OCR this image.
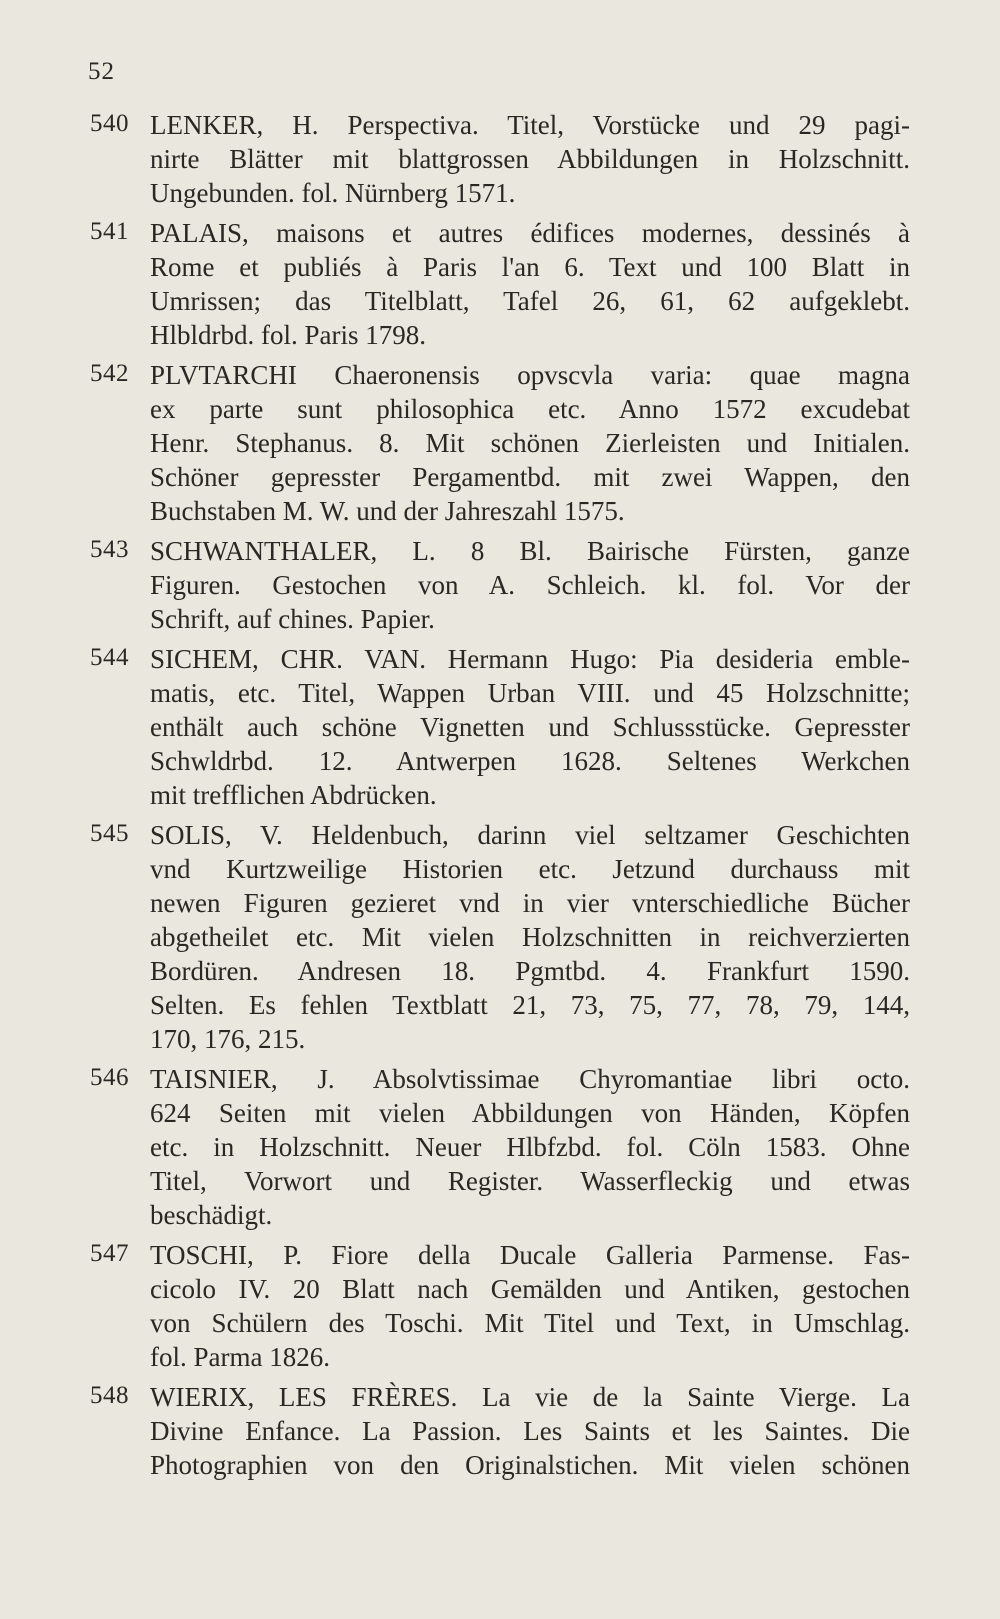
52
540 LENKER, H. Perspectiva. Titel, Vorstücke und 29 pagi-
nirte Blätter mit blattgrossen Abbildungen in Holzschnitt.
Ungebunden. fol. Nürnberg 1571.
541 PALAIS, maisons et autres édifices modernes, dessinés à
Rome et publiés à Paris l'an 6. Text und 100 Blatt in
Umrissen; das Titelblatt, Tafel 26, 61, 62 aufgeklebt.
Hlbldrbd. fol. Paris 1798.
542 PLVTARCHI Chaeronensis opvscvla varia: quae magna
ex parte sunt philosophica etc. Anno 1572 excudebat
Henr. Stephanus. 8. Mit schönen Zierleisten und Initialen.
Schöner gepresster Pergamentbd. mit zwei Wappen, den
Buchstaben M. W. und der Jahreszahl 1575.
543 SCHWANTHALER, L. 8 Bl. Bairische Fürsten, ganze
Figuren. Gestochen von A. Schleich. kl. fol. Vor der
Schrift, auf chines. Papier.
544 SICHEM, CHR. VAN. Hermann Hugo: Pia desideria emble-
matis, etc. Titel, Wappen Urban VIII. und 45 Holzschnitte;
enthält auch schöne Vignetten und Schlussstücke. Gepresster
Schwldrbd. 12. Antwerpen 1628. Seltenes Werkchen
mit trefflichen Abdrücken.
545 SOLIS, V. Heldenbuch, darinn viel seltzamer Geschichten
vnd Kurtzweilige Historien etc. Jetzund durchauss mit
newen Figuren gezieret vnd in vier vnterschiedliche Bücher
abgetheilet etc. Mit vielen Holzschnitten in reichverzierten
Bordüren. Andresen 18. Pgmtbd. 4. Frankfurt 1590.
Selten. Es fehlen Textblatt 21, 73, 75, 77, 78, 79, 144,
170, 176, 215.
546 TAISNIER, J. Absolvtissimae Chyromantiae libri octo.
624 Seiten mit vielen Abbildungen von Händen, Köpfen
etc. in Holzschnitt. Neuer Hlbfzbd. fol. Cöln 1583. Ohne
Titel, Vorwort und Register. Wasserfleckig und etwas
beschädigt.
547 TOSCHI, P. Fiore della Ducale Galleria Parmense. Fas-
cicolo IV. 20 Blatt nach Gemälden und Antiken, gestochen
von Schülern des Toschi. Mit Titel und Text, in Umschlag.
fol. Parma 1826.
548 WIERIX, LES FRÈRES. La vie de la Sainte Vierge. La
Divine Enfance. La Passion. Les Saints et les Saintes. Die
Photographien von den Originalstichen. Mit vielen schönen
